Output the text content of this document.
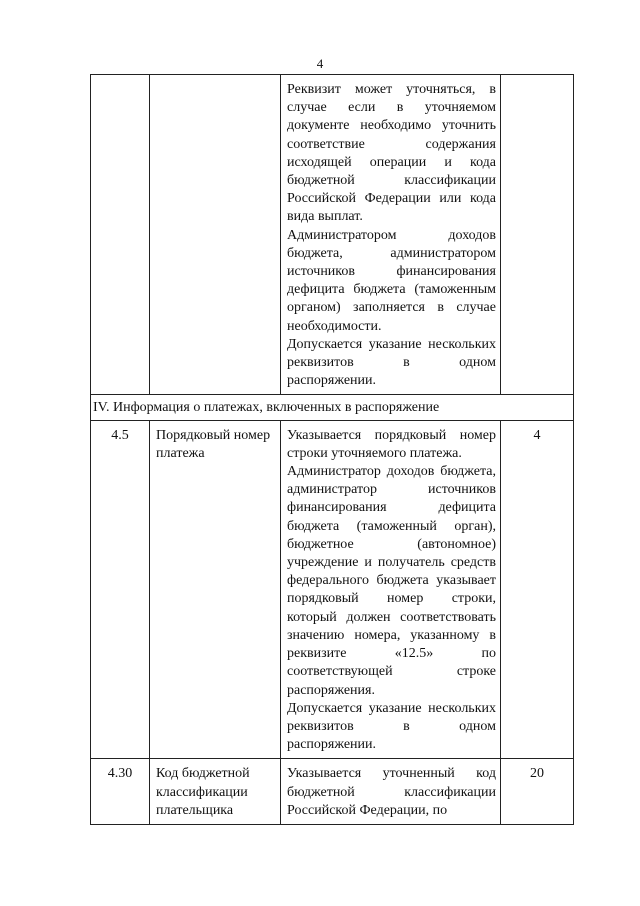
4

		Реквизит может уточняться, в случае если в уточняемом документе необходимо уточнить соответствие содержания исходящей операции и кода бюджетной классификации Российской Федерации или кода вида выплат.

Администратором доходов бюджета, администратором источников финансирования дефицита бюджета (таможенным органом) заполняется в случае необходимости.

Допускается указание нескольких реквизитов в одном распоряжении.	

IV. Информация о платежах, включенных в распоряжение			
4.5	Порядковый номер платежа	Указывается порядковый номер строки уточняемого платежа.

Администратор доходов бюджета, администратор источников финансирования дефицита бюджета (таможенный орган), бюджетное (автономное) учреждение и получатель средств федерального бюджета указывает порядковый номер строки, который должен соответствовать значению номера, указанному в реквизите «12.5» по соответствующей строке распоряжения.

Допускается указание нескольких реквизитов в одном распоряжении.	4
4.30	Код бюджетной классификации плательщика	Указывается уточненный код бюджетной классификации Российской Федерации, по	20
